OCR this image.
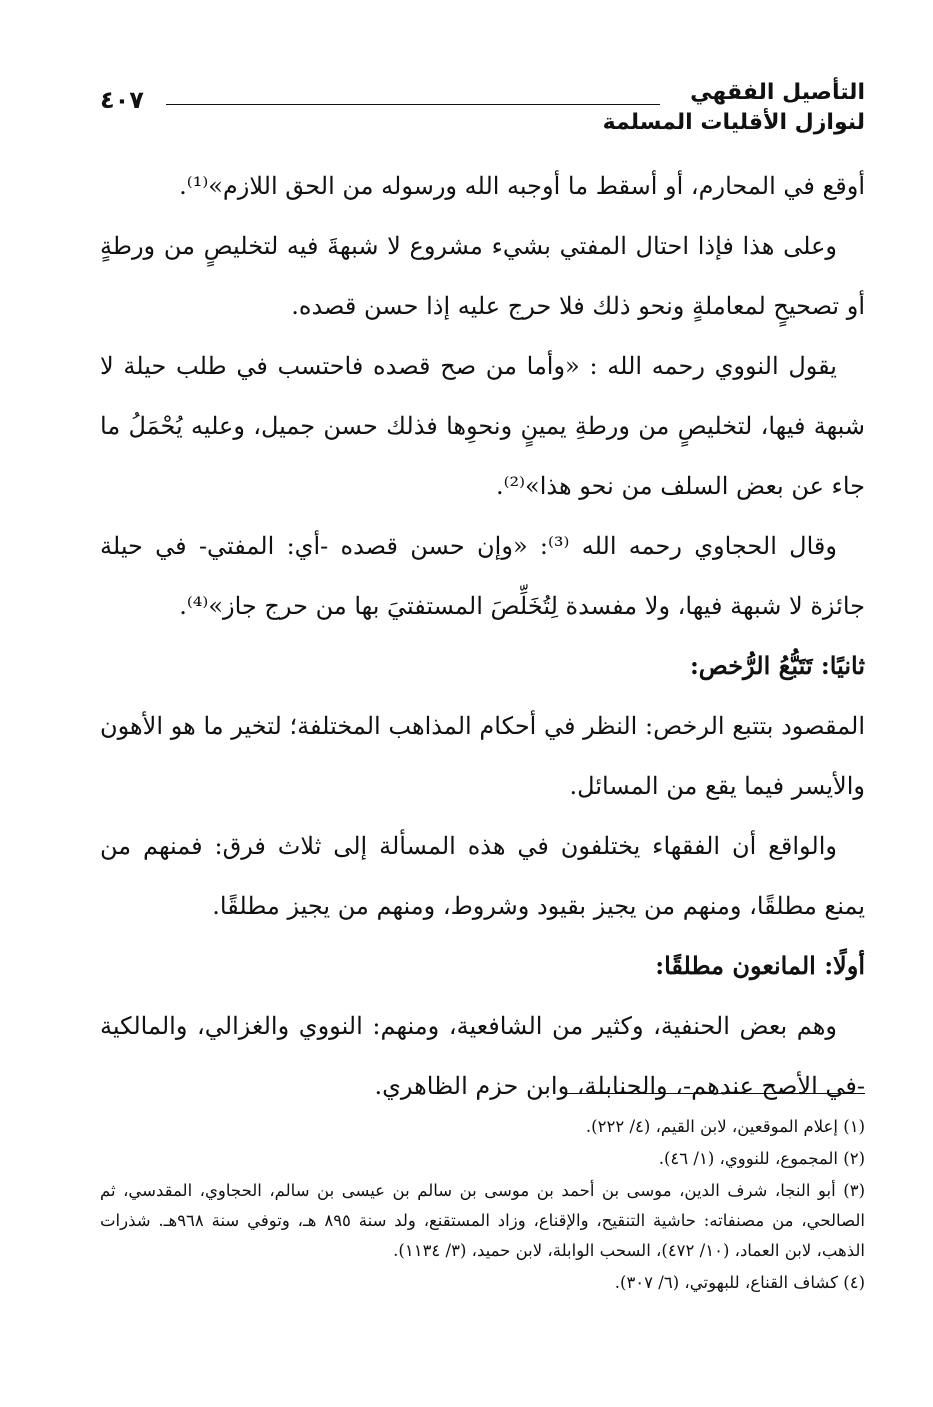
التأصيل الفقهي
لنوازل الأقليات المسلمة
٤٠٧

أوقع في المحارم، أو أسقط ما أوجبه الله ورسوله من الحق اللازم»⁽¹⁾.

وعلى هذا فإذا احتال المفتي بشيء مشروع لا شبهةَ فيه لتخليصٍ من ورطةٍ أو تصحيحٍ لمعاملةٍ ونحو ذلك فلا حرج عليه إذا حسن قصده.

يقول النووي رحمه الله : «وأما من صح قصده فاحتسب في طلب حيلة لا شبهة فيها، لتخليصٍ من ورطةِ يمينٍ ونحوِها فذلك حسن جميل، وعليه يُحْمَلُ ما جاء عن بعض السلف من نحو هذا»⁽²⁾.

وقال الحجاوي رحمه الله ⁽³⁾: «وإن حسن قصده -أي: المفتي- في حيلة جائزة لا شبهة فيها، ولا مفسدة لِتُخَلِّصَ المستفتيَ بها من حرج جاز»⁽⁴⁾.

ثانيًا: تَتَبُّعُ الرُّخص:

المقصود بتتبع الرخص: النظر في أحكام المذاهب المختلفة؛ لتخير ما هو الأهون والأيسر فيما يقع من المسائل.

والواقع أن الفقهاء يختلفون في هذه المسألة إلى ثلاث فرق: فمنهم من يمنع مطلقًا، ومنهم من يجيز بقيود وشروط، ومنهم من يجيز مطلقًا.

أولًا: المانعون مطلقًا:

وهم بعض الحنفية، وكثير من الشافعية، ومنهم: النووي والغزالي، والمالكية -في الأصح عندهم-، والحنابلة، وابن حزم الظاهري.

(١) إعلام الموقعين، لابن القيم، (٤/ ٢٢٢).

(٢) المجموع، للنووي، (١/ ٤٦).

(٣) أبو النجا، شرف الدين، موسى بن أحمد بن موسى بن سالم بن عيسى بن سالم، الحجاوي، المقدسي، ثم الصالحي، من مصنفاته: حاشية التنقيح، والإقناع، وزاد المستقنع، ولد سنة ٨٩٥ هـ، وتوفي سنة ٩٦٨هـ. شذرات الذهب، لابن العماد، (١٠/ ٤٧٢)، السحب الوابلة، لابن حميد، (٣/ ١١٣٤).

(٤) كشاف القناع، للبهوتي، (٦/ ٣٠٧).
